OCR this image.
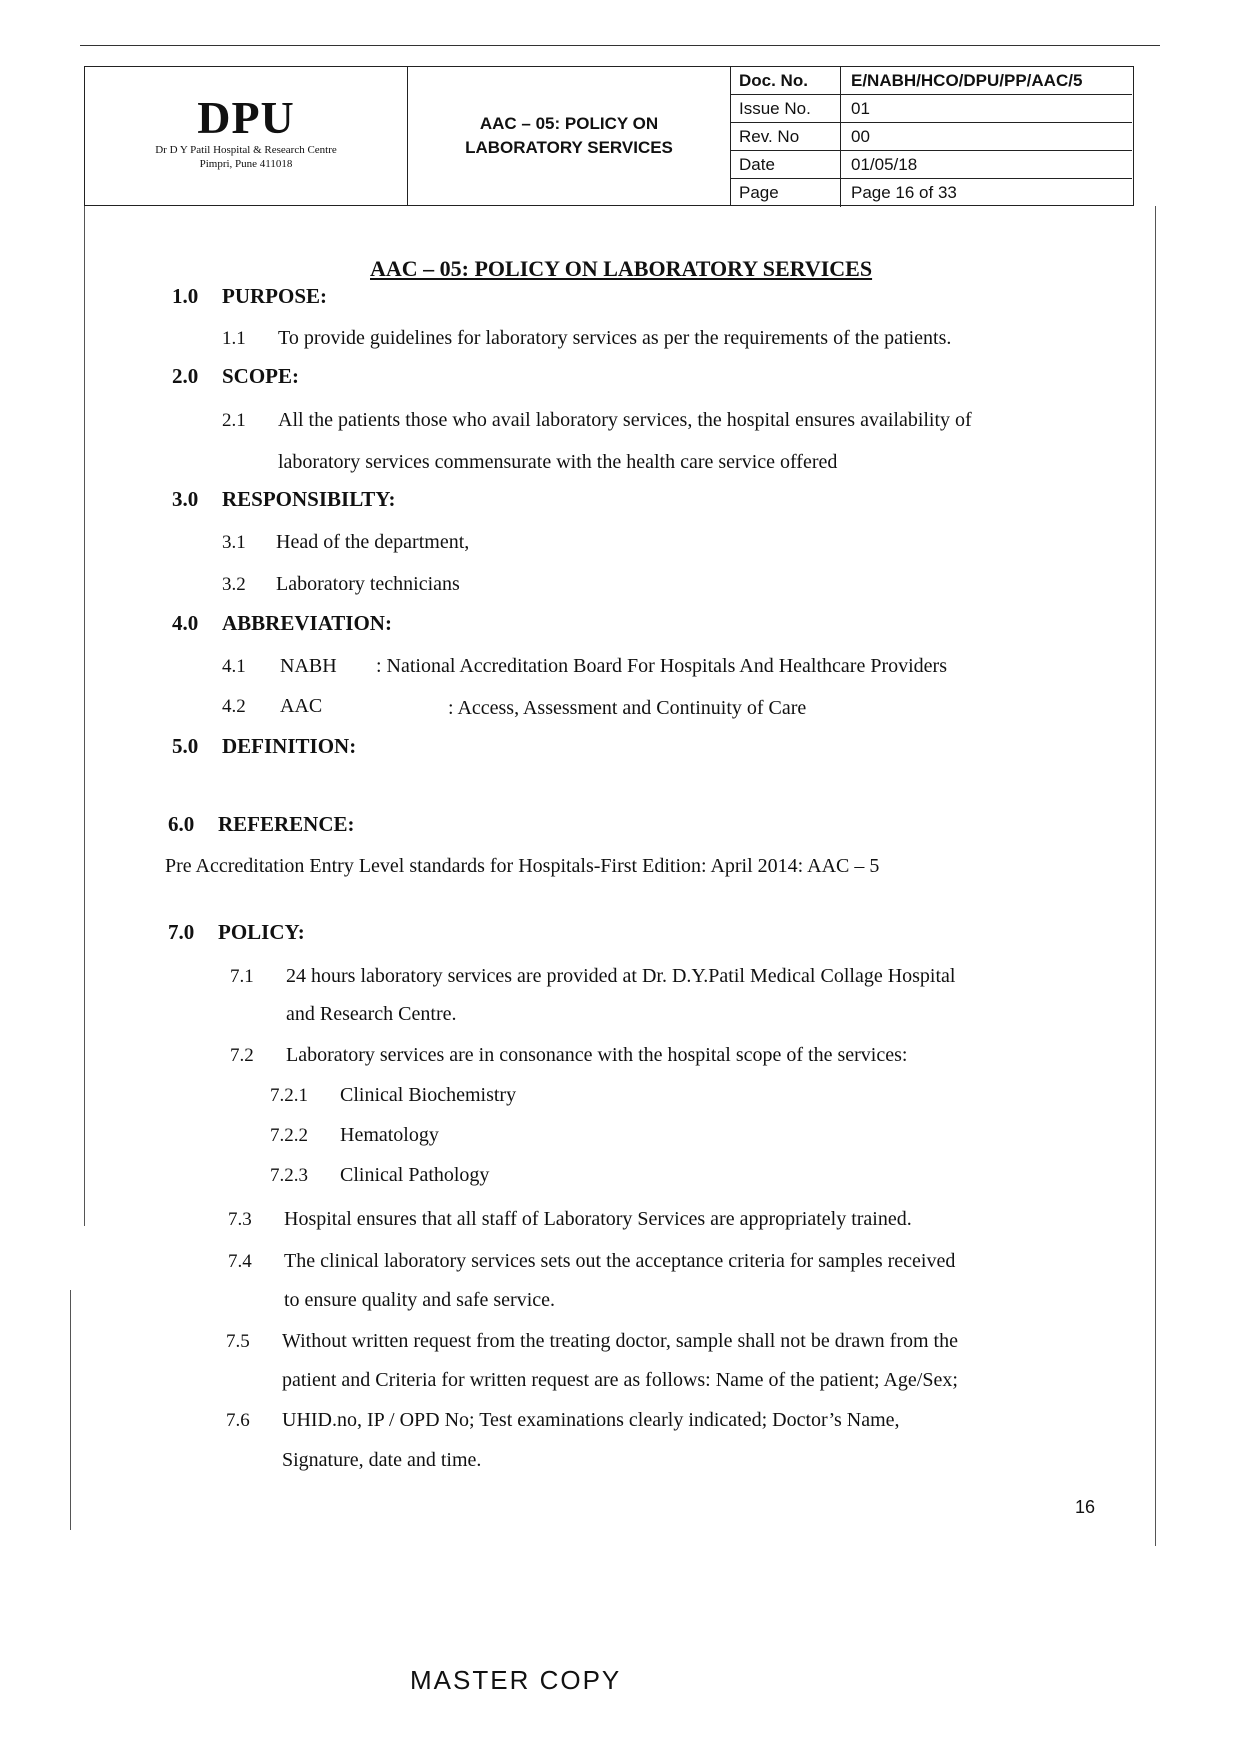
DPU
Dr D Y Patil Hospital & Research Centre
Pimpri, Pune 411018
AAC – 05: POLICY ON
LABORATORY SERVICES
Doc. No.	E/NABH/HCO/DPU/PP/AAC/5
Issue No.	01
Rev. No	00
Date	01/05/18
Page	Page 16 of 33
AAC – 05: POLICY ON LABORATORY SERVICES
1.0 PURPOSE:
1.1 To provide guidelines for laboratory services as per the requirements of the patients.
2.0 SCOPE:
2.1 All the patients those who avail laboratory services, the hospital ensures availability of
laboratory services commensurate with the health care service offered
3.0 RESPONSIBILTY:
3.1 Head of the department,
3.2 Laboratory technicians
4.0 ABBREVIATION:
4.1 NABH : National Accreditation Board For Hospitals And Healthcare Providers
4.2 AAC	: Access, Assessment and Continuity of Care
5.0 DEFINITION:
6.0 REFERENCE:
Pre Accreditation Entry Level standards for Hospitals-First Edition: April 2014: AAC – 5
7.0 POLICY:
7.1 24 hours laboratory services are provided at Dr. D.Y.Patil Medical Collage Hospital
and Research Centre.
7.2 Laboratory services are in consonance with the hospital scope of the services:
7.2.1 Clinical Biochemistry
7.2.2 Hematology
7.2.3 Clinical Pathology
7.3 Hospital ensures that all staff of Laboratory Services are appropriately trained.
7.4 The clinical laboratory services sets out the acceptance criteria for samples received
to ensure quality and safe service.
7.5 Without written request from the treating doctor, sample shall not be drawn from the
patient and Criteria for written request are as follows: Name of the patient; Age/Sex;
7.6 UHID.no, IP / OPD No; Test examinations clearly indicated; Doctor’s Name,
Signature, date and time.
16
MASTER COPY
